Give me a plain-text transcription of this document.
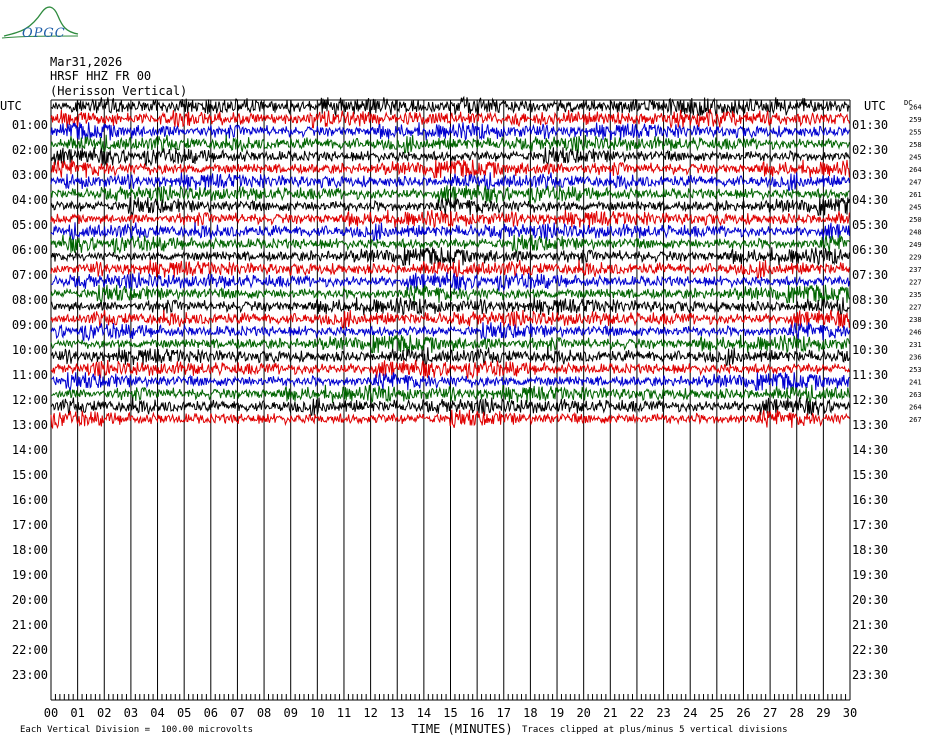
OPGC
Mar31,2026
HRSF HHZ FR 00
(Herisson Vertical)
UTC
01:00
02:00
03:00
04:00
05:00
06:00
07:00
08:00
09:00
10:00
11:00
12:00
13:00
14:00
15:00
16:00
17:00
18:00
19:00
20:00
21:00
22:00
23:00
UTC
01:30
02:30
03:30
04:30
05:30
06:30
07:30
08:30
09:30
10:30
11:30
12:30
13:30
14:30
15:30
16:30
17:30
18:30
19:30
20:30
21:30
22:30
23:30
DC
264
259
255
258
245
264
247
261
245
250
248
249
229
237
227
235
227
238
246
231
236
253
241
263
264
267
00 01 02 03 04 05 06 07 08 09 10 11 12 13 14 15 16 17 18 19 20 21 22 23 24 25 26 27 28 29 30
TIME (MINUTES)
Each Vertical Division =  100.00 microvolts	Traces clipped at plus/minus 5 vertical divisions
